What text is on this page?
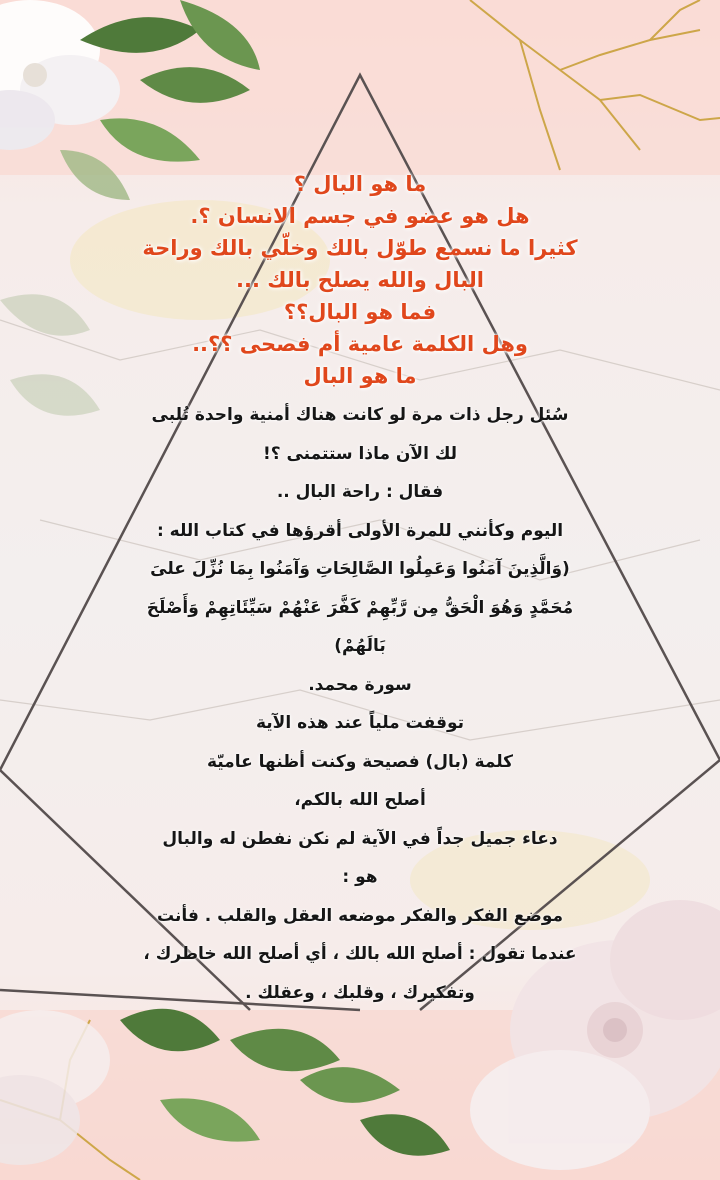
ما هو البال ؟
هل هو عضو في جسم الانسان ؟.
كثيرا ما نسمع طوّل بالك وخلّي بالك وراحة
البال والله يصلح بالك ...
فما هو البال؟؟
وهل الكلمة عامية أم فصحى ؟؟..
ما هو البال
سُئل رجل ذات مرة لو كانت هناك أمنية واحدة تُلبى
لك الآن ماذا ستتمنى ؟!
فقال : راحة البال ..
اليوم وكأنني للمرة الأولى أقرؤها في كتاب الله :
(وَالَّذِينَ آمَنُوا وَعَمِلُوا الصَّالِحَاتِ وَآمَنُوا بِمَا نُزِّلَ علىَ
مُحَمَّدٍ وَهُوَ الْحَقُّ مِن رَّبِّهِمْ كَفَّرَ عَنْهُمْ سَيِّئَاتِهِمْ وَأَصْلَحَ
بَالَهُمْ)
سورة محمد.
توقفت ملياً عند هذه الآية
كلمة (بال) فصيحة وكنت أظنها عاميّة
أصلح الله بالكم،
دعاء جميل جداً في الآية لم نكن نفطن له والبال
هو :
موضع الفكر والفكر موضعه العقل والقلب . فأنت
عندما تقول : أصلح الله بالك ، أي أصلح الله خاطرك ،
وتفكيرك ، وقلبك ، وعقلك .
